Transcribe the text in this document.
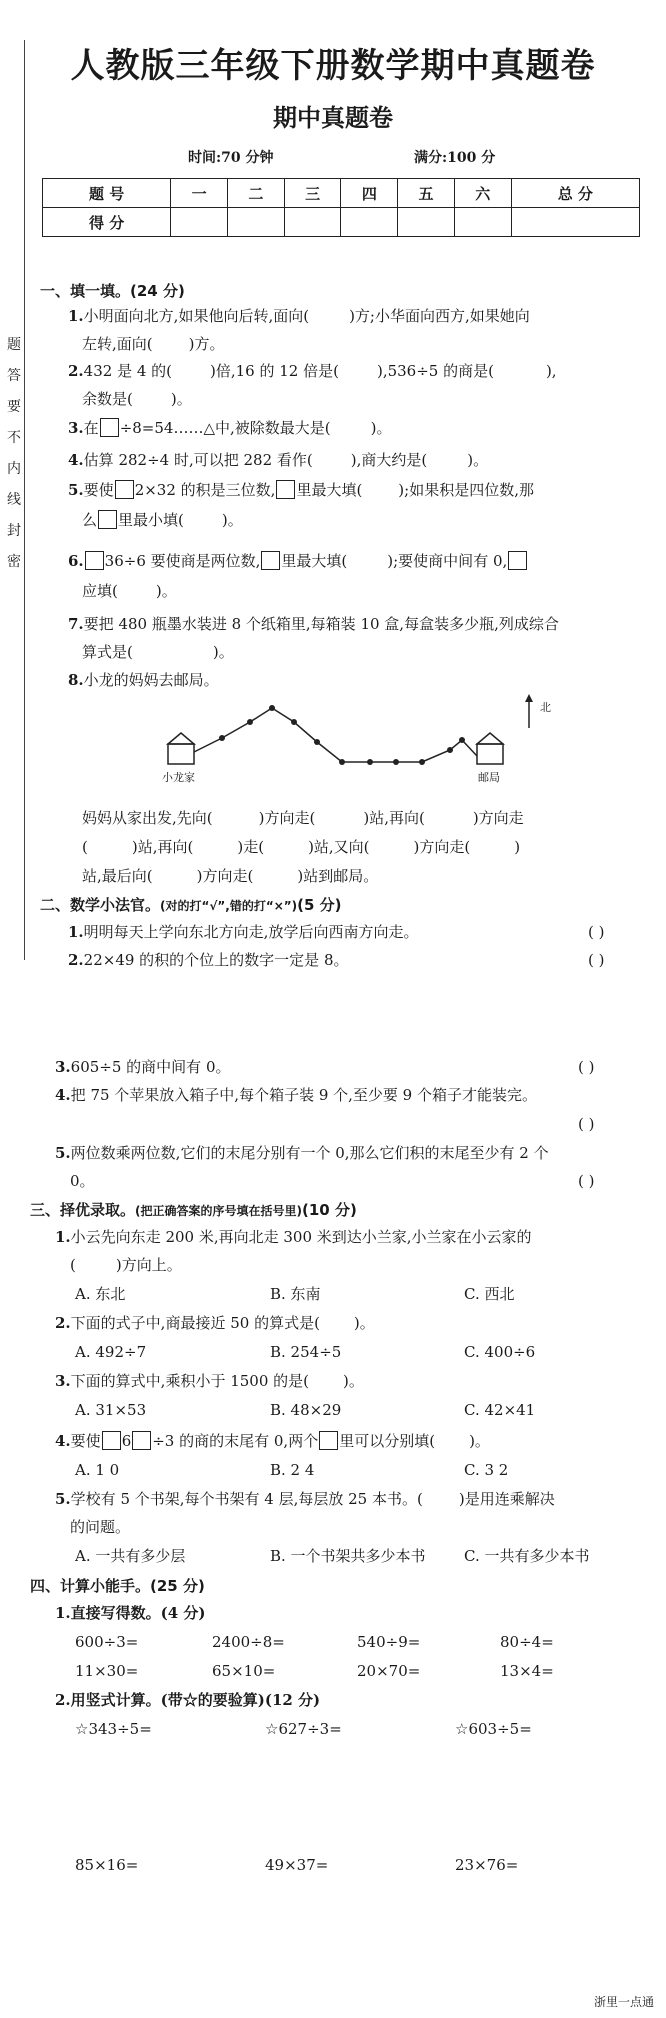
人教版三年级下册数学期中真题卷
期中真题卷
时间:70 分钟	满分:100 分
题
答
要
不
内
线
封
密
题 号	一	二	三	四	五	六	总 分
得 分							
一、填一填。(24 分)
1.小明面向北方,如果他向后转,面向(	)方;小华面向西方,如果她向
左转,面向( )方。
2.432 是 4 的(	)倍,16 的 12 倍是(	),536÷5 的商是(	),
余数是(	)。
3.在 ÷8=54……△中,被除数最大是(	)。
4.估算 282÷4 时,可以把 282 看作(	),商大约是(	)。
5.要使 2×32 的积是三位数, 里最大填( );如果积是四位数,那
么 里最小填(	)。
6. 36÷6 要使商是两位数, 里最大填(	);要使商中间有 0,
应填(	)。
7.要把 480 瓶墨水装进 8 个纸箱里,每箱装 10 盒,每盒装多少瓶,列成综合
算式是(	)。
8.小龙的妈妈去邮局。
小龙家	邮局
北
妈妈从家出发,先向(	)方向走(	)站,再向(	)方向走
(	)站,再向(	)走(	)站,又向(	)方向走(	)
站,最后向(	)方向走(	)站到邮局。
二、数学小法官。(对的打“√”,错的打“×”)(5 分)
1.明明每天上学向东北方向走,放学后向西南方向走。	( )
2.22×49 的积的个位上的数字一定是 8。	( )
3.605÷5 的商中间有 0。	( )
4.把 75 个苹果放入箱子中,每个箱子装 9 个,至少要 9 个箱子才能装完。
( )
5.两位数乘两位数,它们的末尾分别有一个 0,那么它们积的末尾至少有 2 个
0。	( )
三、择优录取。(把正确答案的序号填在括号里)(10 分)
1.小云先向东走 200 米,再向北走 300 米到达小兰家,小兰家在小云家的
(	)方向上。
A. 东北	B. 东南	C. 西北
2.下面的式子中,商最接近 50 的算式是( )。
A. 492÷7	B. 254÷5	C. 400÷6
3.下面的算式中,乘积小于 1500 的是( )。
A. 31×53	B. 48×29	C. 42×41
4.要使 6 ÷3 的商的末尾有 0,两个 里可以分别填( )。
A. 1 0	B. 2 4	C. 3 2
5.学校有 5 个书架,每个书架有 4 层,每层放 25 本书。( )是用连乘解决
的问题。
A. 一共有多少层	B. 一个书架共多少本书	C. 一共有多少本书
四、计算小能手。(25 分)
1.直接写得数。(4 分)
600÷3=	2400÷8=	540÷9=	80÷4=
11×30=	65×10=	20×70=	13×4=
2.用竖式计算。(带☆的要验算)(12 分)
☆343÷5=	☆627÷3=	☆603÷5=
85×16=	49×37=	23×76=
浙里一点通
